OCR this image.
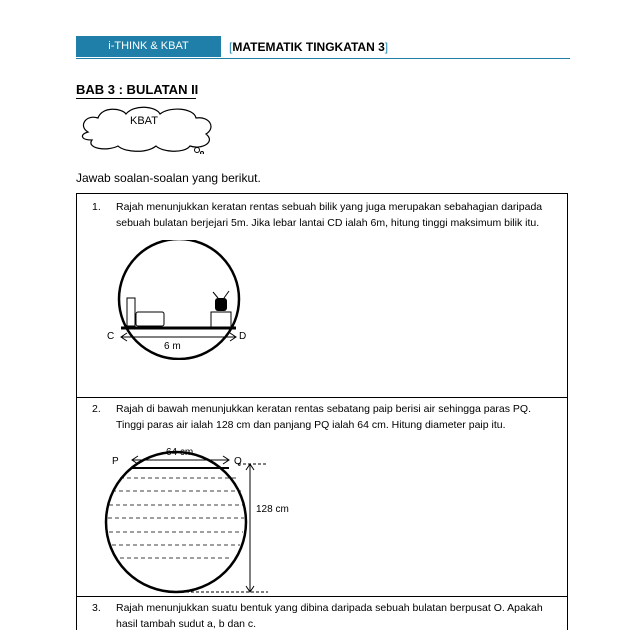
i-THINK & KBAT	[MATEMATIK TINGKATAN 3]
BAB 3 : BULATAN II
KBAT
Jawab soalan-soalan yang berikut.
1. Rajah menunjukkan keratan rentas sebuah bilik yang juga merupakan sebahagian daripada
sebuah bulatan berjejari 5m. Jika lebar lantai CD ialah 6m, hitung tinggi maksimum bilik itu.
C	D
6 m
2. Rajah di bawah menunjukkan keratan rentas sebatang paip berisi air sehingga paras PQ.
Tinggi paras air ialah 128 cm dan panjang PQ ialah 64 cm. Hitung diameter paip itu.
P	Q
64 cm
128 cm
3. Rajah menunjukkan suatu bentuk yang dibina daripada sebuah bulatan berpusat O. Apakah
hasil tambah sudut a, b dan c.
